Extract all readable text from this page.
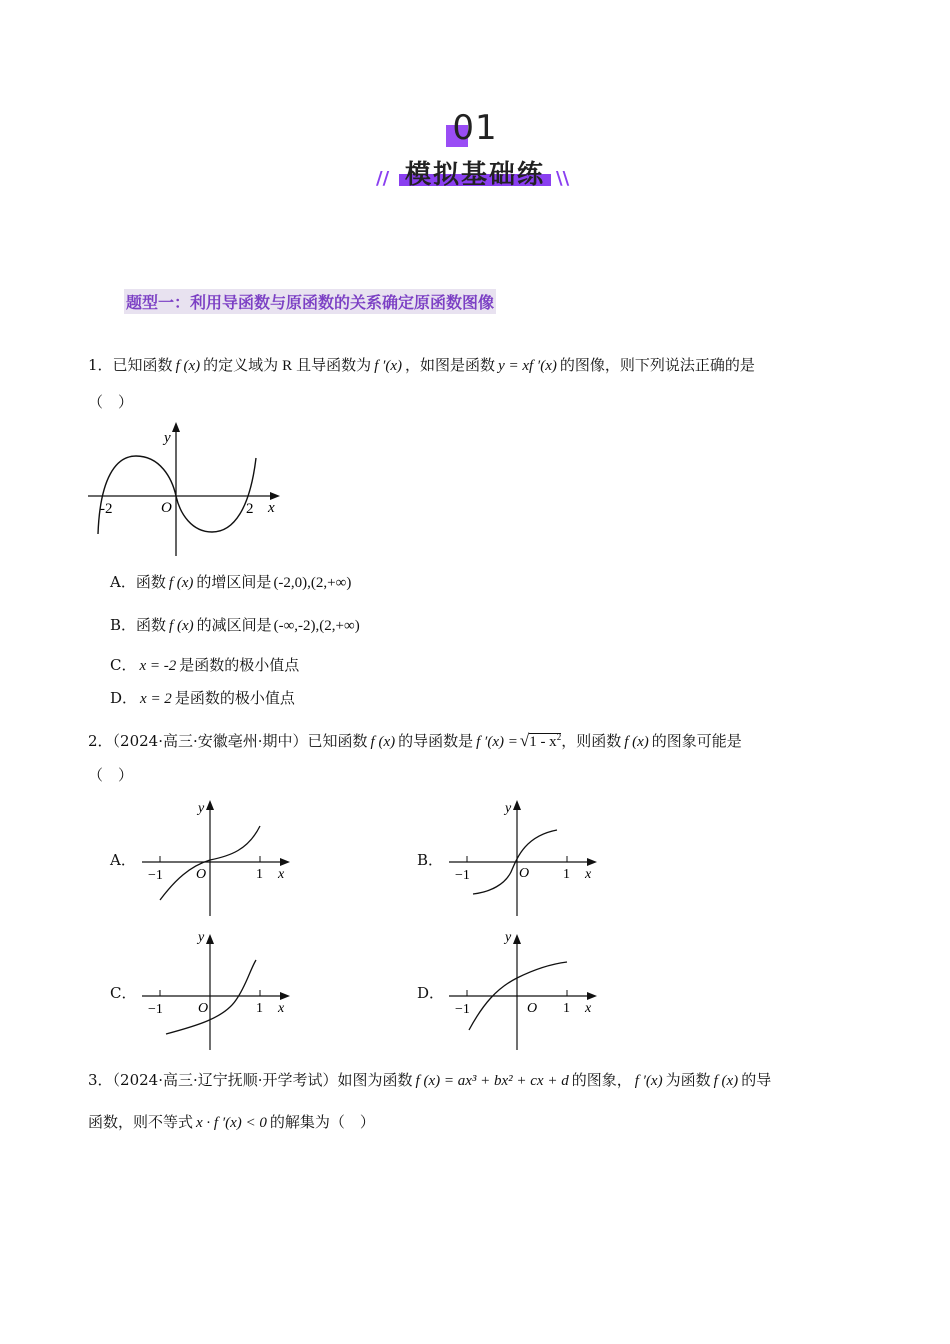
01
模拟基础练
//	\\
题型一：利用导函数与原函数的关系确定原函数图像
1．已知函数 f (x) 的定义域为 R 且导函数为 f ′(x) ，如图是函数 y = xf ′(x) 的图像，则下列说法正确的是
（　）
y
x
O
-2	2
A．函数 f (x) 的增区间是 (-2,0),(2,+∞)
B．函数 f (x) 的减区间是 (-∞,-2),(2,+∞)
C． x = -2 是函数的极小值点
D． x = 2 是函数的极小值点
2．（2024·高三·安徽亳州·期中）已知函数 f (x) 的导函数是 f $'(x) = √1 - x^2$，则函数 f (x) 的图象可能是
（　）
A．
y
x
O
−1	1
B．
y
x
O
−1	1
C．
y
x
O
−1	1
D．
y
x
O
−1	1
3．（2024·高三·辽宁抚顺·开学考试）如图为函数 f (x) = ax³ + bx² + cx + d 的图象， f ′(x) 为函数 f (x) 的导
函数，则不等式 x · f ′(x) < 0 的解集为（　）
